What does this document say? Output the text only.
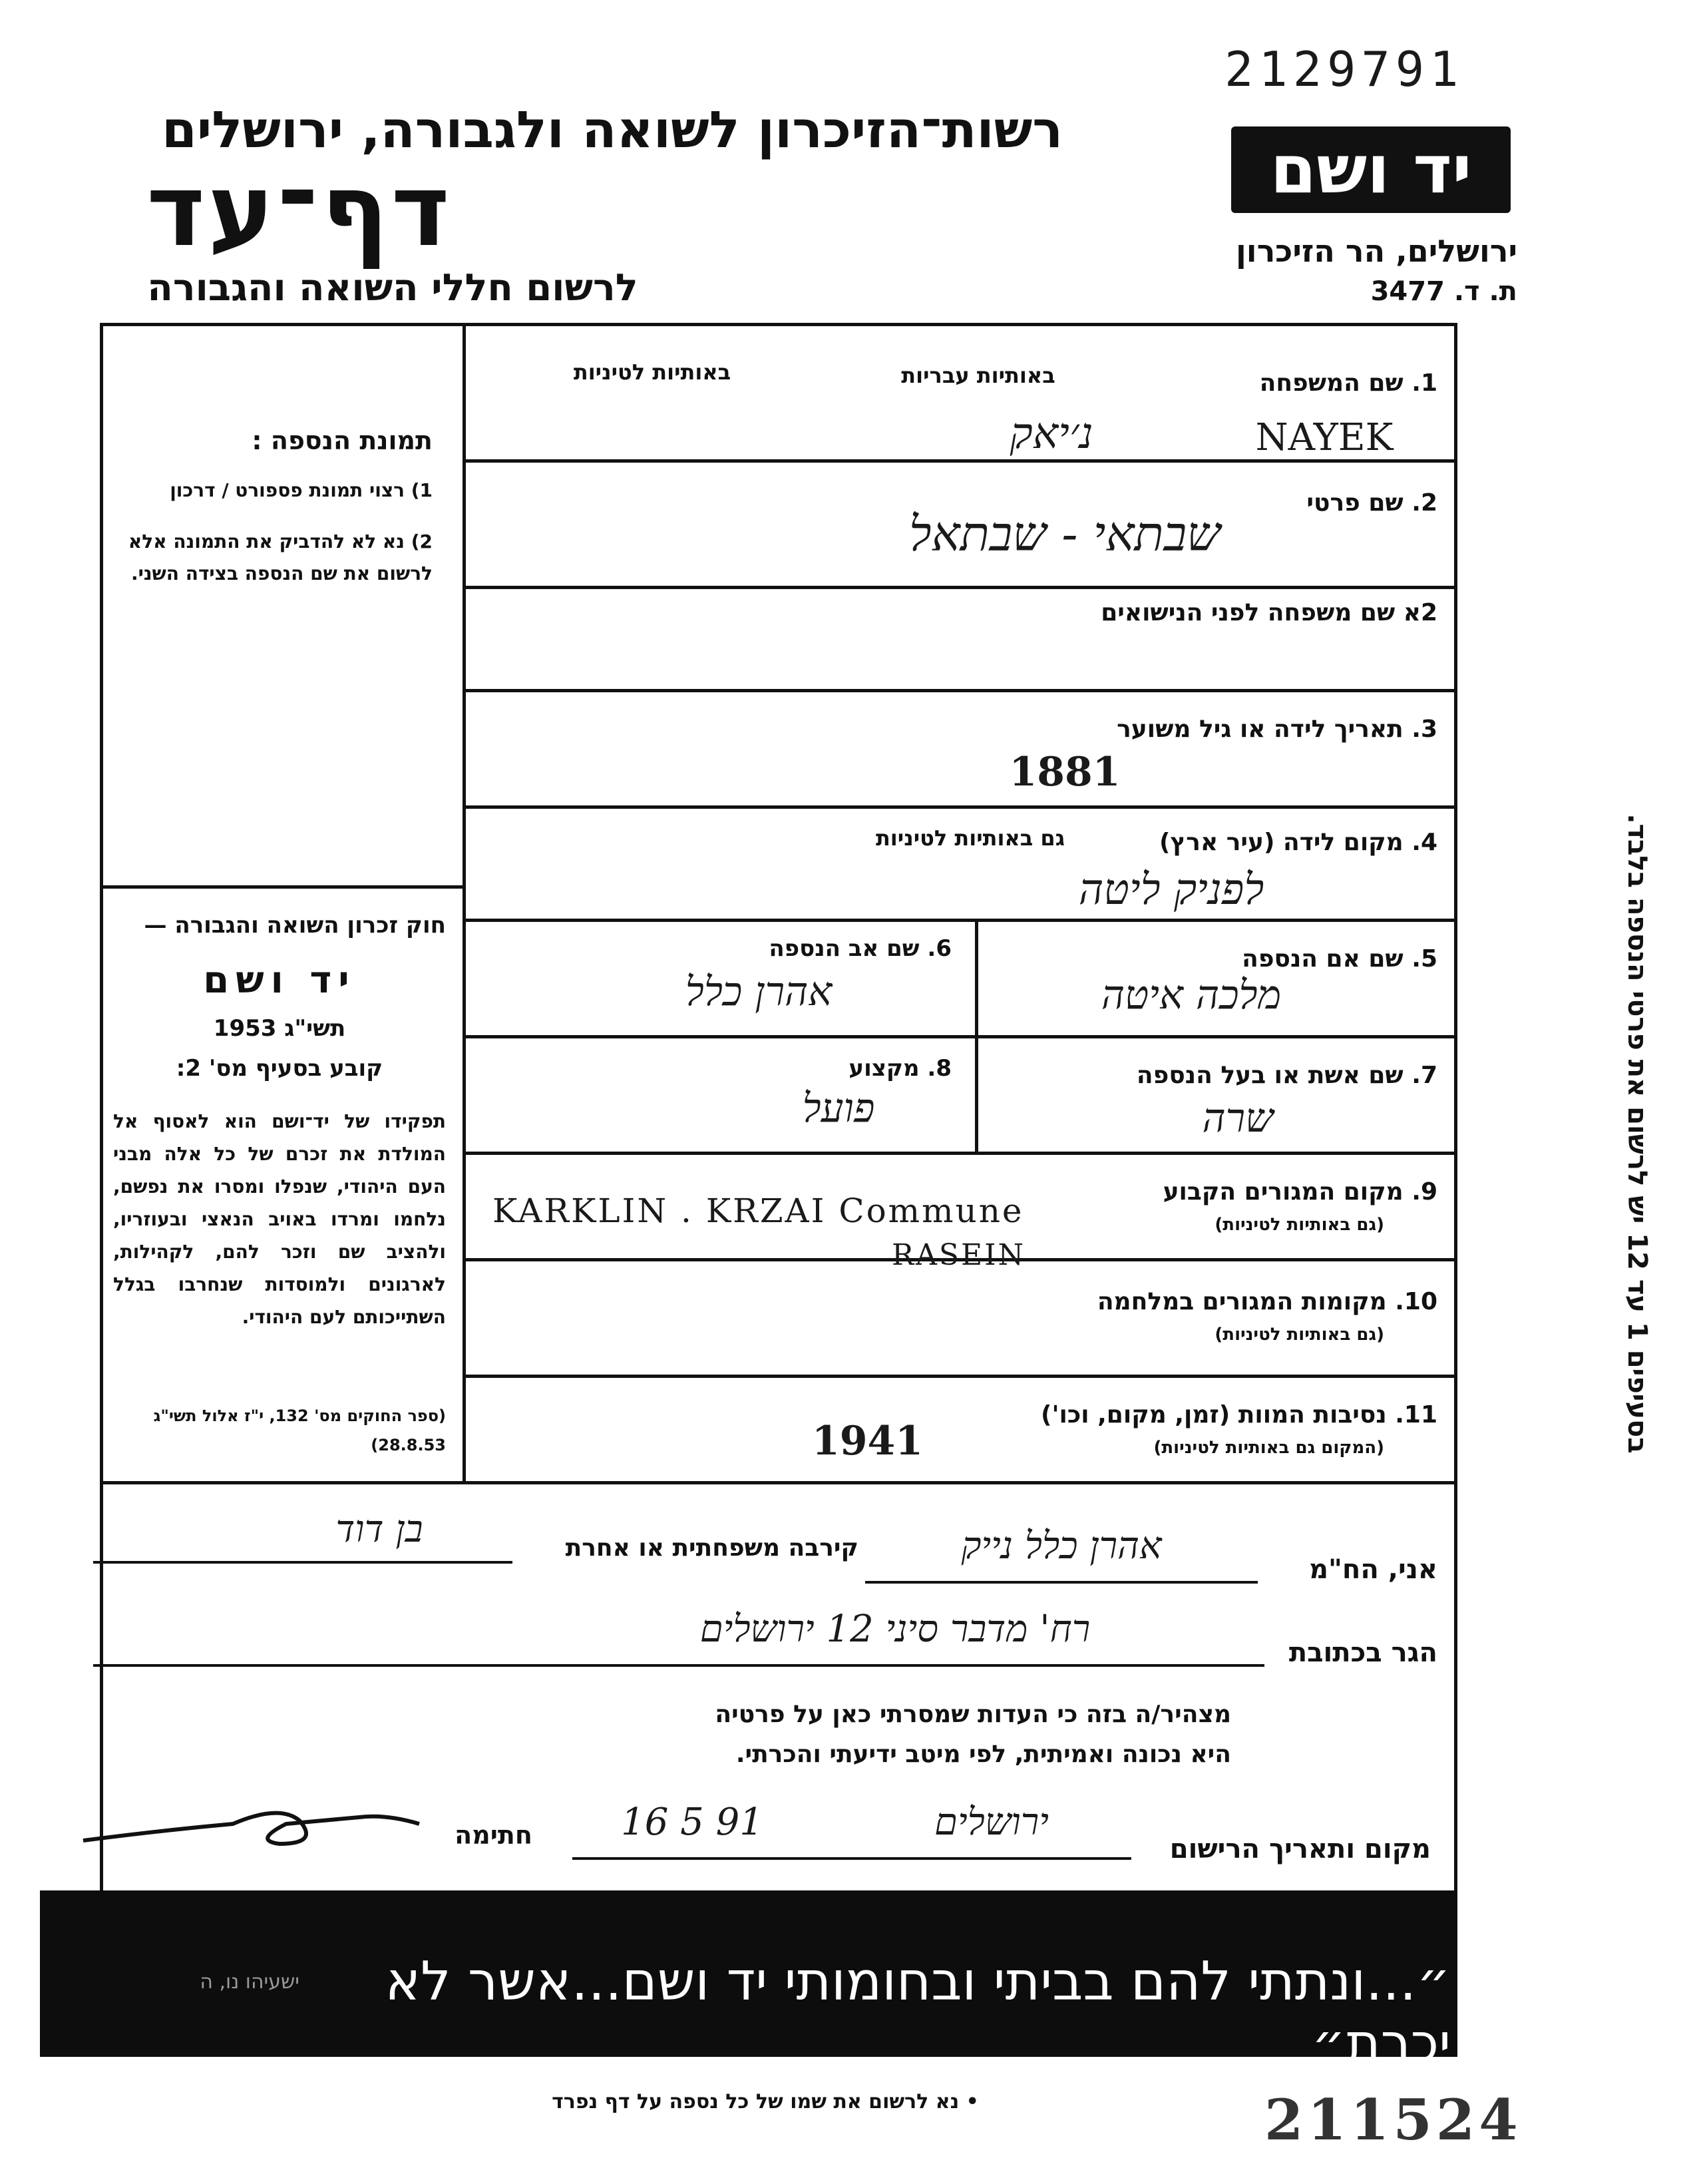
2129791
רשות־הזיכרון לשואה ולגבורה, ירושלים
דף־עד
לרשום חללי השואה והגבורה
יד ושם
ירושלים, הר הזיכרון
ת. ד. 3477
תמונת הנספה :
1) רצוי תמונת פספורט / דרכון
2) נא לא להדביק את התמונה אלא לרשום את שם הנספה בצידה השני.
חוק זכרון השואה והגבורה —
יד ושם
תשי"ג 1953
קובע בסעיף מס' 2:
תפקידו של יד־ושם הוא לאסוף אל המולדת את זכרם של כל אלה מבני העם היהודי, שנפלו ומסרו את נפשם, נלחמו ומרדו באויב הנאצי ובעוזריו, ולהציב שם וזכר להם, לקהילות, לארגונים ולמוסדות שנחרבו בגלל השתייכותם לעם היהודי.
(ספר החוקים מס' 132, י"ז אלול תשי"ג 28.8.53)
בסעיפים 1 עד 12 יש לרשום את פרטי הנספה בלבד.
1. שם המשפחה
באותיות עבריות
באותיות לטיניות
נ׳יאק	NAYEK
2. שם פרטי
שבתאי - שבתאל
2א שם משפחה לפני הנישואים
3. תאריך לידה או גיל משוער
1881
4. מקום לידה (עיר ארץ)
גם באותיות לטיניות
לפניק ליטה
5. שם אם הנספה
מלכה איטה
6. שם אב הנספה
אהרן כלל
7. שם אשת או בעל הנספה
שרה
8. מקצוע
פועל
9. מקום המגורים הקבוע
(גם באותיות לטיניות)
KARKLIN . KRZAI Commune
RASEIN
10. מקומות המגורים במלחמה
(גם באותיות לטיניות)
11. נסיבות המוות (זמן, מקום, וכו')
(המקום גם באותיות לטיניות)
1941
אני, הח"מ
אהרן כלל נייק
קירבה משפחתית או אחרת
בן דוד
הגר בכתובת
רח' מדבר סיני 12 ירושלים
מצהיר/ה בזה כי העדות שמסרתי כאן על פרטיה
היא נכונה ואמיתית, לפי מיטב ידיעתי והכרתי.
מקום ותאריך הרישום
ירושלים
16 5 91
חתימה
״...ונתתי להם בביתי ובחומותי יד ושם...אשר לא יכרת״
ישעיהו נו, ה
• נא לרשום את שמו של כל נספה על דף נפרד	211524
